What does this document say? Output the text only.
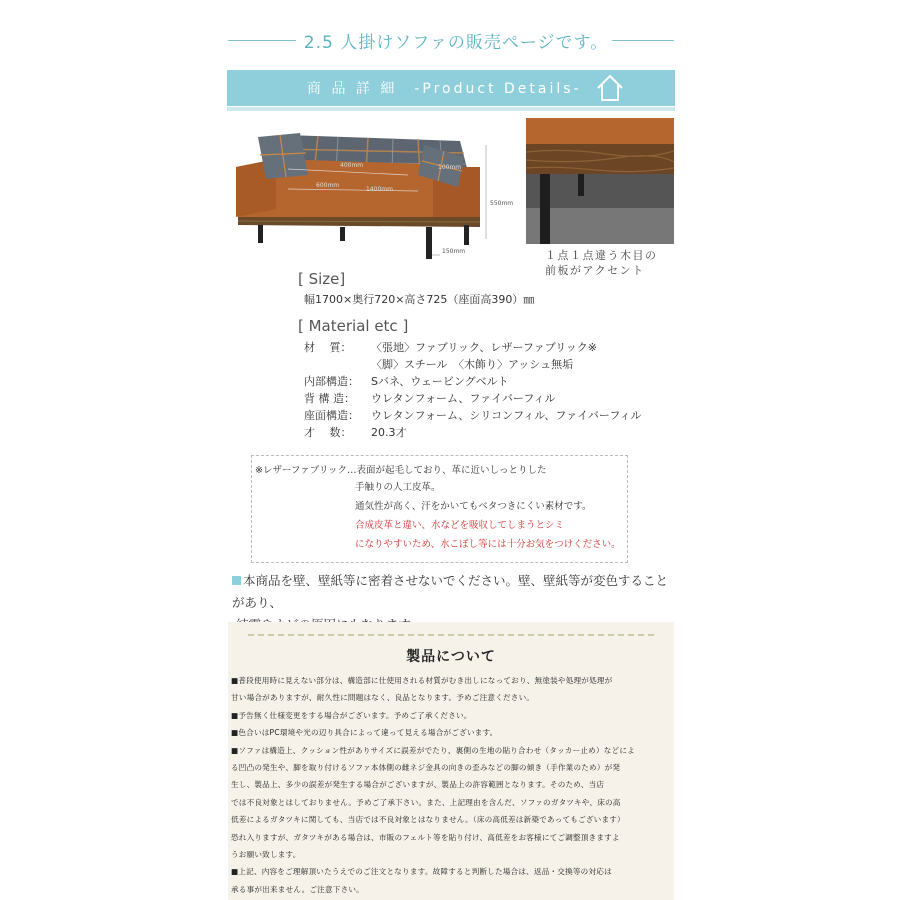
2.5 人掛けソファの販売ページです。
商 品 詳 細　-Product Details-
400mm
600mm
1400mm
100mm
550mm
150mm	１点１点違う木目の
前板がアクセント
[ Size]
幅1700×奥行720×高さ725（座面高390）㎜
[ Material etc ]
材　 質：	〈張地〉ファブリック、レザーファブリック※
〈脚〉スチール　〈木飾り〉アッシュ無垢
内部構造：	Sバネ、ウェービングベルト
背 構 造：	ウレタンフォーム、ファイバーフィル
座面構造：	ウレタンフォーム、シリコンフィル、ファイバーフィル
才　 数：	20.3才
※レザーファブリック…表面が起毛しており、革に近いしっとりした
手触りの人工皮革。
通気性が高く、汗をかいてもベタつきにくい素材です。
合成皮革と違い、水などを吸収してしまうとシミ
になりやすいため、水こぼし等には十分お気をつけください。
本商品を壁、壁紙等に密着させないでください。壁、壁紙等が変色することがあり、
製品について
■普段使用時に見えない部分は、構造部に仕使用される材質がむき出しになっており、無塗装や処理が処理が
甘い場合がありますが、耐久性に問題はなく、良品となります。予めご注意ください。
■予告無く仕様変更をする場合がございます。予めご了承ください。
■色合いはPC環境や光の辺り具合によって違って見える場合がございます。
■ソファは構造上、クッション性がありサイズに誤差がでたり、裏側の生地の貼り合わせ（タッカー止め）などによ
る凹凸の発生や、脚を取り付けるソファ本体側の雌ネジ金具の向きの歪みなどの脚の傾き（手作業のため）が発
生し、製品上、多少の誤差が発生する場合がございますが、製品上の許容範囲となります。そのため、当店
では不良対象とはしておりません。予めご了承下さい。また、上記理由を含んだ、ソファのガタツキや、床の高
低差によるガタツキに関しても、当店では不良対象とはなりません。（床の高低差は新築であってもございます）
恐れ入りますが、ガタツキがある場合は、市販のフェルト等を貼り付け、高低差をお客様にてご調整頂きますよ
うお願い致します。
■上記、内容をご理解頂いたうえでのご注文となります。故障すると判断した場合は、返品・交換等の対応は
承る事が出来ません。ご注意下さい。
